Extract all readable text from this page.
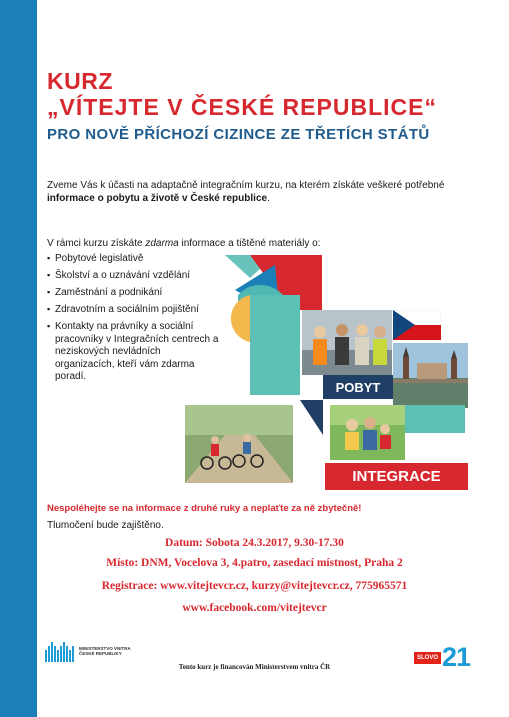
KURZ
„VÍTEJTE V ČESKÉ REPUBLICE“
PRO NOVĚ PŘÍCHOZÍ CIZINCE ZE TŘETÍCH STÁTŮ
Zveme Vás k účasti na adaptačně integračním kurzu, na kterém získáte veškeré potřebné informace o pobytu a životě v České republice.
V rámci kurzu získáte zdarma informace a tištěné materiály o:
▪ Pobytové legislativě
▪ Školství a o uznávání vzdělání
▪ Zaměstnání a podnikání
▪ Zdravotním a sociálním pojištění
▪ Kontakty na právníky a sociální pracovníky v Integračních centrech a neziskových nevládních organizacích, kteří vám zdarma poradí.
POBYT
INTEGRACE
Nespoléhejte se na informace z druhé ruky a neplaťte za ně zbytečně!
Tlumočení bude zajištěno.
Datum: Sobota 24.3.2017, 9.30-17.30
Místo: DNM, Vocelova 3, 4.patro, zasedací místnost, Praha 2
Registrace: www.vitejtevcr.cz, kurzy@vitejtevcr.cz, 775965571
www.facebook.com/vitejtevcr
MINISTERSTVO VNITRA
ČESKÉ REPUBLIKY
Tento kurz je financován Ministerstvem vnitra ČR
SLOVO 21
